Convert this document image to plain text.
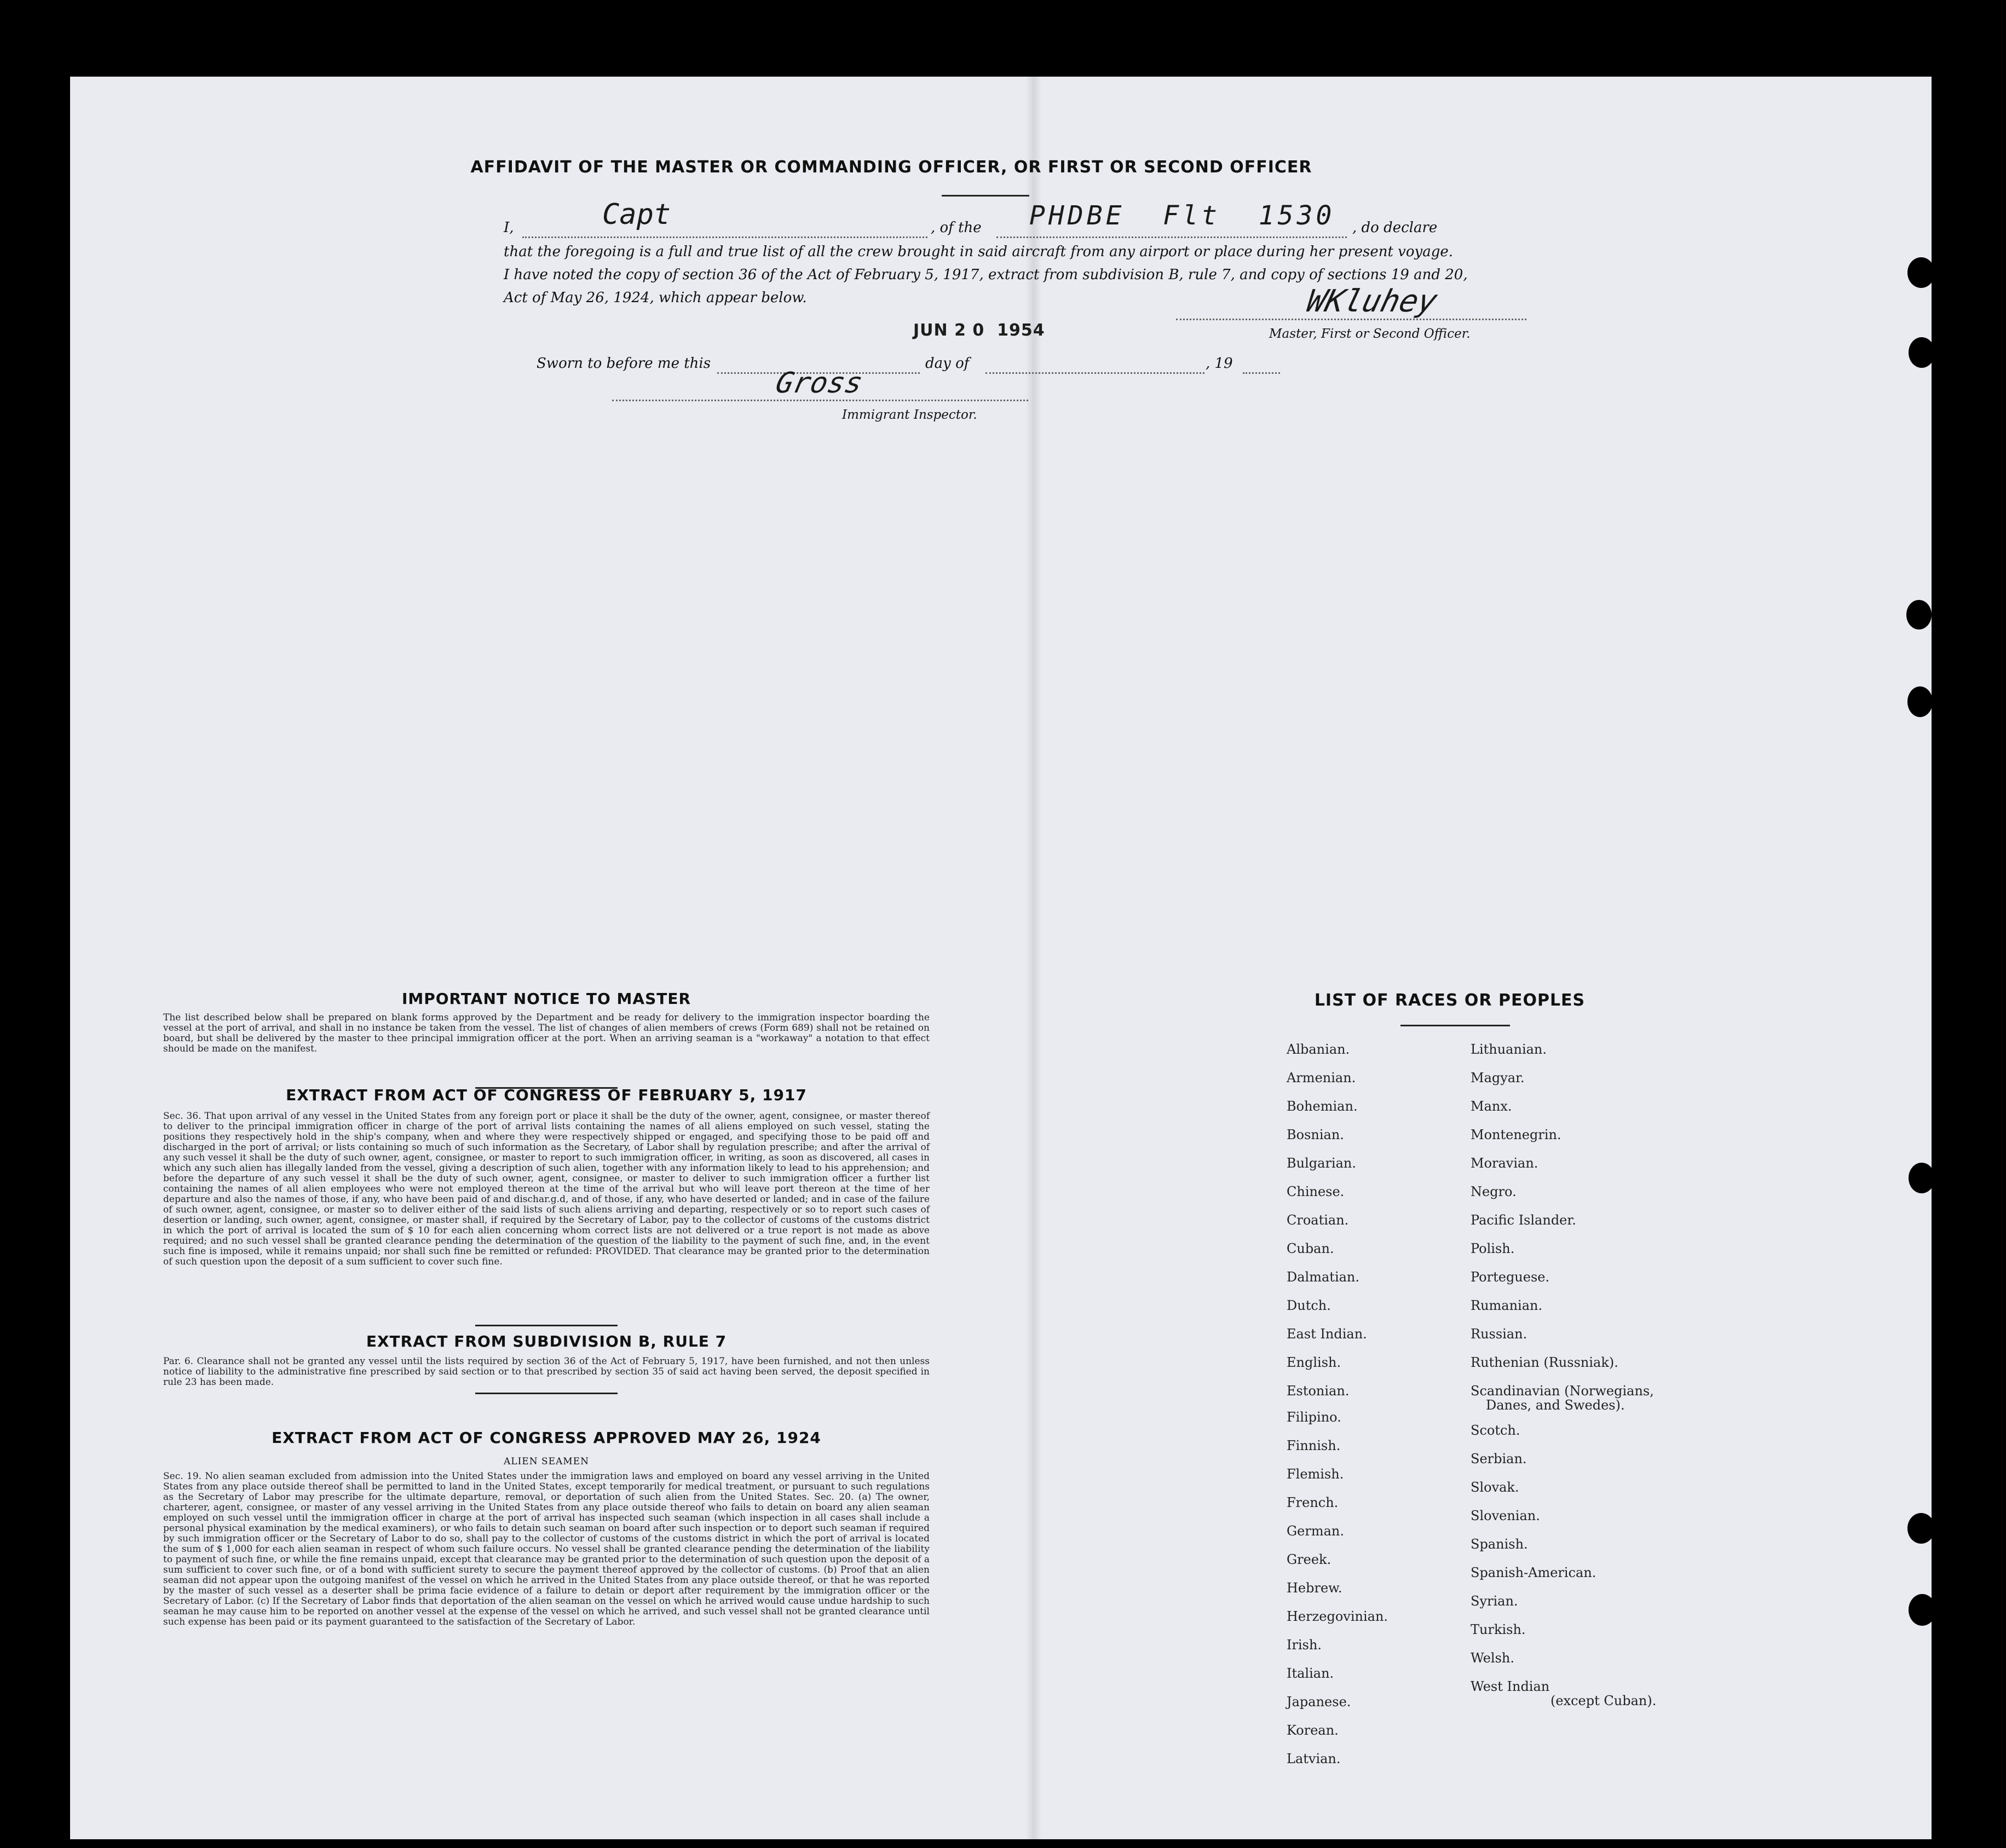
AFFIDAVIT OF THE MASTER OR COMMANDING OFFICER, OR FIRST OR SECOND OFFICER
I,	Capt	, of the PHDBE  Flt  1530 , do declare
that the foregoing is a full and true list of all the crew brought in said aircraft from any airport or place during her present voyage.
I have noted the copy of section 36 of the Act of February 5, 1917, extract from subdivision B, rule 7, and copy of sections 19 and 20,
Act of May 26, 1924, which appear below.
JUN 2 0  1954
WKluhey
Master, First or Second Officer.
Sworn to before me this	day of	, 19
Gross
Immigrant Inspector.
IMPORTANT NOTICE TO MASTER
The list described below shall be prepared on blank forms approved by the Department and be ready for delivery to the immigration inspector boarding the vessel at the port of arrival, and shall in no instance be taken from the vessel. The list of changes of alien members of crews (Form 689) shall not be retained on board, but shall be delivered by the master to thee principal immigration officer at the port. When an arriving seaman is a "workaway" a notation to that effect should be made on the manifest.
EXTRACT FROM ACT OF CONGRESS OF FEBRUARY 5, 1917
Sec. 36. That upon arrival of any vessel in the United States from any foreign port or place it shall be the duty of the owner, agent, consignee, or master thereof to deliver to the principal immigration officer in charge of the port of arrival lists containing the names of all aliens employed on such vessel, stating the positions they respectively hold in the ship's company, when and where they were respectively shipped or engaged, and specifying those to be paid off and discharged in the port of arrival; or lists containing so much of such information as the Secretary, of Labor shall by regulation prescribe; and after the arrival of any such vessel it shall be the duty of such owner, agent, consignee, or master to report to such immigration officer, in writing, as soon as discovered, all cases in which any such alien has illegally landed from the vessel, giving a description of such alien, together with any information likely to lead to his apprehension; and before the departure of any such vessel it shall be the duty of such owner, agent, consignee, or master to deliver to such immigration officer a further list containing the names of all alien employees who were not employed thereon at the time of the arrival but who will leave port thereon at the time of her departure and also the names of those, if any, who have been paid of and dischar.g.d, and of those, if any, who have deserted or landed; and in case of the failure of such owner, agent, consignee, or master so to deliver either of the said lists of such aliens arriving and departing, respectively or so to report such cases of desertion or landing, such owner, agent, consignee, or master shall, if required by the Secretary of Labor, pay to the collector of customs of the customs district in which the port of arrival is located the sum of $ 10 for each alien concerning whom correct lists are not delivered or a true report is not made as above required; and no such vessel shall be granted clearance pending the determination of the question of the liability to the payment of such fine, and, in the event such fine is imposed, while it remains unpaid; nor shall such fine be remitted or refunded: PROVIDED. That clearance may be granted prior to the determination of such question upon the deposit of a sum sufficient to cover such fine.
EXTRACT FROM SUBDIVISION B, RULE 7
Par. 6. Clearance shall not be granted any vessel until the lists required by section 36 of the Act of February 5, 1917, have been furnished, and not then unless notice of liability to the administrative fine prescribed by said section or to that prescribed by section 35 of said act having been served, the deposit specified in rule 23 has been made.
EXTRACT FROM ACT OF CONGRESS APPROVED MAY 26, 1924
ALIEN SEAMEN
Sec. 19. No alien seaman excluded from admission into the United States under the immigration laws and employed on board any vessel arriving in the United States from any place outside thereof shall be permitted to land in the United States, except temporarily for medical treatment, or pursuant to such regulations as the Secretary of Labor may prescribe for the ultimate departure, removal, or deportation of such alien from the United States. Sec. 20. (a) The owner, charterer, agent, consignee, or master of any vessel arriving in the United States from any place outside thereof who fails to detain on board any alien seaman employed on such vessel until the immigration officer in charge at the port of arrival has inspected such seaman (which inspection in all cases shall include a personal physical examination by the medical examiners), or who fails to detain such seaman on board after such inspection or to deport such seaman if required by such immigration officer or the Secretary of Labor to do so, shall pay to the collector of customs of the customs district in which the port of arrival is located the sum of $ 1,000 for each alien seaman in respect of whom such failure occurs. No vessel shall be granted clearance pending the determination of the liability to payment of such fine, or while the fine remains unpaid, except that clearance may be granted prior to the determination of such question upon the deposit of a sum sufficient to cover such fine, or of a bond with sufficient surety to secure the payment thereof approved by the collector of customs. (b) Proof that an alien seaman did not appear upon the outgoing manifest of the vessel on which he arrived in the United States from any place outside thereof, or that he was reported by the master of such vessel as a deserter shall be prima facie evidence of a failure to detain or deport after requirement by the immigration officer or the Secretary of Labor. (c) If the Secretary of Labor finds that deportation of the alien seaman on the vessel on which he arrived would cause undue hardship to such seaman he may cause him to be reported on another vessel at the expense of the vessel on which he arrived, and such vessel shall not be granted clearance until such expense has been paid or its payment guaranteed to the satisfaction of the Secretary of Labor.
LIST OF RACES OR PEOPLES
Albanian.
Armenian.
Bohemian.
Bosnian.
Bulgarian.
Chinese.
Croatian.
Cuban.
Dalmatian.
Dutch.
East Indian.
English.
Estonian.
Filipino.
Finnish.
Flemish.
French.
German.
Greek.
Hebrew.
Herzegovinian.
Irish.
Italian.
Japanese.
Korean.
Latvian.
Lithuanian.
Magyar.
Manx.
Montenegrin.
Moravian.
Negro.
Pacific Islander.
Polish.
Porteguese.
Rumanian.
Russian.
Ruthenian (Russniak).
Scandinavian (Norwegians,
Danes, and Swedes).
Scotch.
Serbian.
Slovak.
Slovenian.
Spanish.
Spanish-American.
Syrian.
Turkish.
Welsh.
West Indian
(except Cuban).
